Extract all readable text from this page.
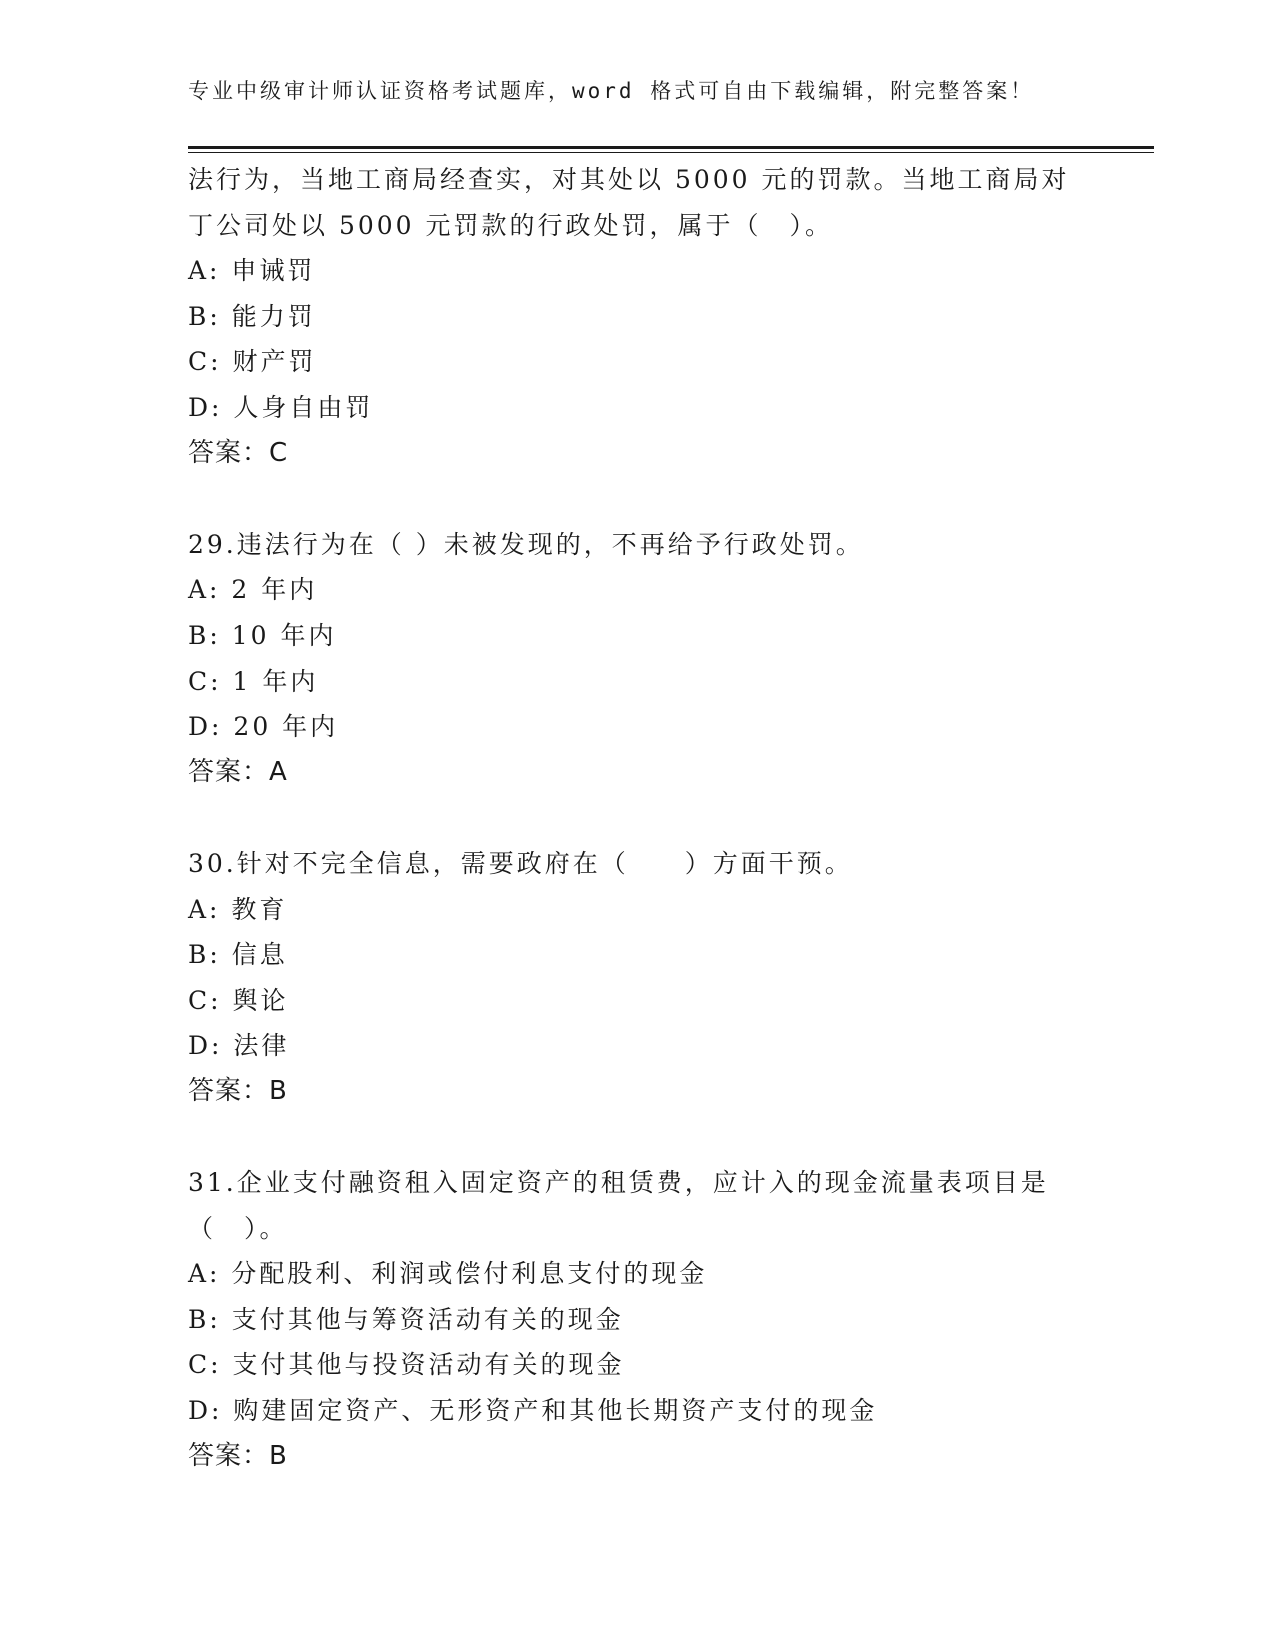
专业中级审计师认证资格考试题库，word 格式可自由下载编辑，附完整答案！
法行为，当地工商局经查实，对其处以 5000 元的罚款。当地工商局对
丁公司处以 5000 元罚款的行政处罚，属于（　）。
A: 申诫罚
B: 能力罚
C: 财产罚
D: 人身自由罚
答案：C
29.违法行为在（ ）未被发现的，不再给予行政处罚。
A: 2 年内
B: 10 年内
C: 1 年内
D: 20 年内
答案：A
30.针对不完全信息，需要政府在（　　）方面干预。
A: 教育
B: 信息
C: 舆论
D: 法律
答案：B
31.企业支付融资租入固定资产的租赁费，应计入的现金流量表项目是
（　）。
A: 分配股利、利润或偿付利息支付的现金
B: 支付其他与筹资活动有关的现金
C: 支付其他与投资活动有关的现金
D: 购建固定资产、无形资产和其他长期资产支付的现金
答案：B
